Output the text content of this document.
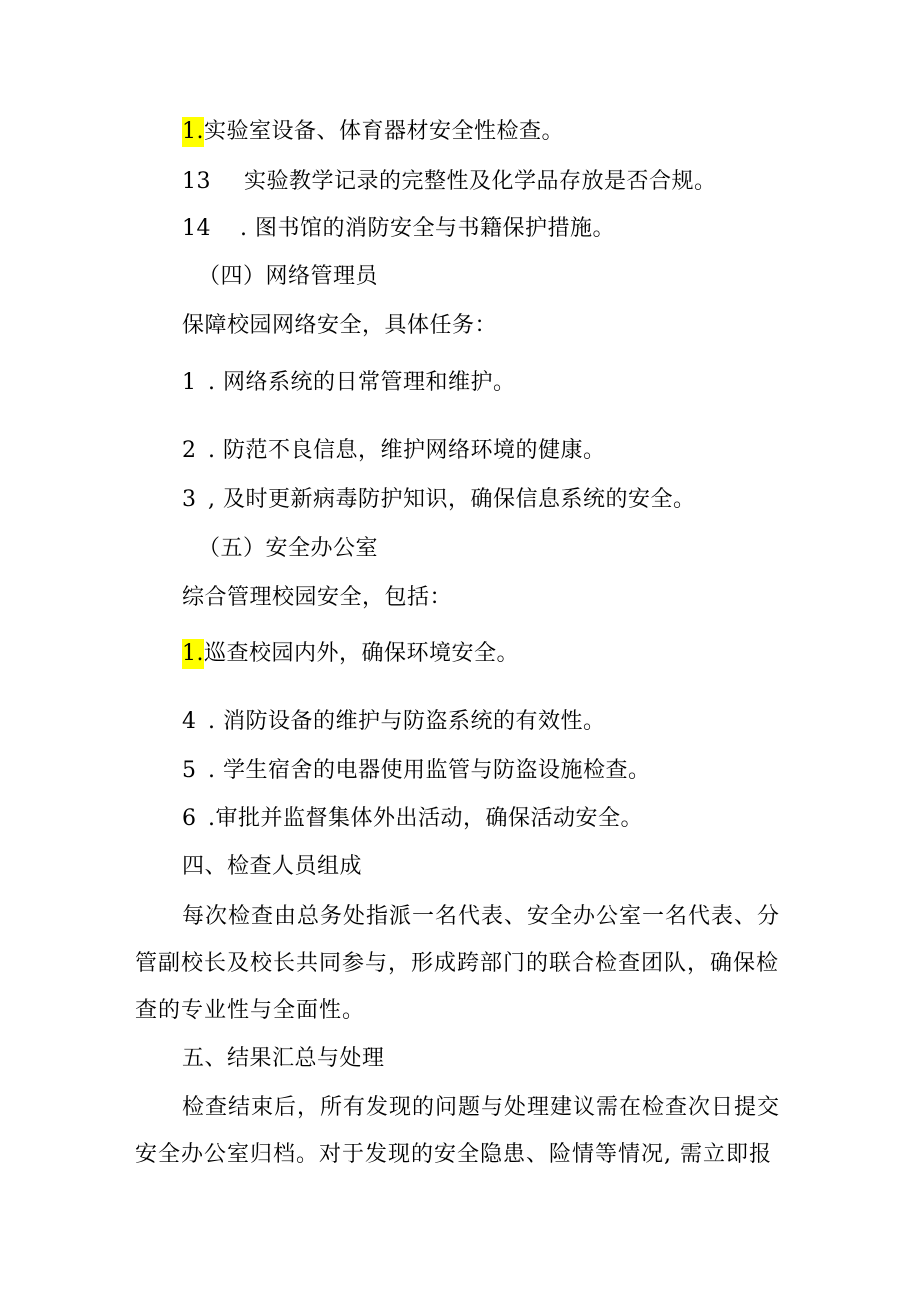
1.实验室设备、体育器材安全性检查。
13 实验教学记录的完整性及化学品存放是否合规。
14 . 图书馆的消防安全与书籍保护措施。
（四）网络管理员
保障校园网络安全，具体任务：
1 . 网络系统的日常管理和维护。
2 . 防范不良信息，维护网络环境的健康。
3 , 及时更新病毒防护知识，确保信息系统的安全。
（五）安全办公室
综合管理校园安全，包括：
1.巡查校园内外，确保环境安全。
4 . 消防设备的维护与防盗系统的有效性。
5 . 学生宿舍的电器使用监管与防盗设施检查。
6 .审批并监督集体外出活动，确保活动安全。
四、检查人员组成
每次检查由总务处指派一名代表、安全办公室一名代表、分
管副校长及校长共同参与，形成跨部门的联合检查团队，确保检
查的专业性与全面性。
五、结果汇总与处理
检查结束后，所有发现的问题与处理建议需在检查次日提交
安全办公室归档。对于发现的安全隐患、险情等情况, 需立即报
